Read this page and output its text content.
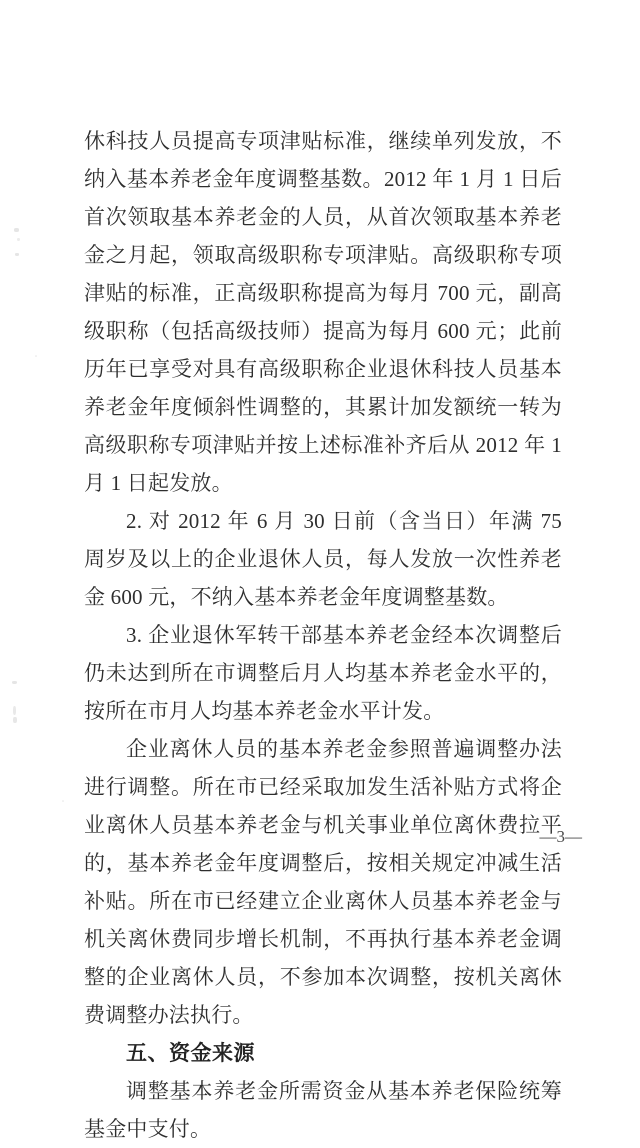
休科技人员提高专项津贴标准，继续单列发放，不纳入基本养老金年度调整基数。2012 年 1 月 1 日后首次领取基本养老金的人员，从首次领取基本养老金之月起，领取高级职称专项津贴。高级职称专项津贴的标准，正高级职称提高为每月 700 元，副高级职称（包括高级技师）提高为每月 600 元；此前历年已享受对具有高级职称企业退休科技人员基本养老金年度倾斜性调整的，其累计加发额统一转为高级职称专项津贴并按上述标准补齐后从 2012 年 1 月 1 日起发放。

2. 对 2012 年 6 月 30 日前（含当日）年满 75 周岁及以上的企业退休人员，每人发放一次性养老金 600 元，不纳入基本养老金年度调整基数。

3. 企业退休军转干部基本养老金经本次调整后仍未达到所在市调整后月人均基本养老金水平的，按所在市月人均基本养老金水平计发。

企业离休人员的基本养老金参照普遍调整办法进行调整。所在市已经采取加发生活补贴方式将企业离休人员基本养老金与机关事业单位离休费拉平的，基本养老金年度调整后，按相关规定冲减生活补贴。所在市已经建立企业离休人员基本养老金与机关离休费同步增长机制，不再执行基本养老金调整的企业离休人员，不参加本次调整，按机关离休费调整办法执行。

五、资金来源

调整基本养老金所需资金从基本养老保险统筹基金中支付。

—3—
